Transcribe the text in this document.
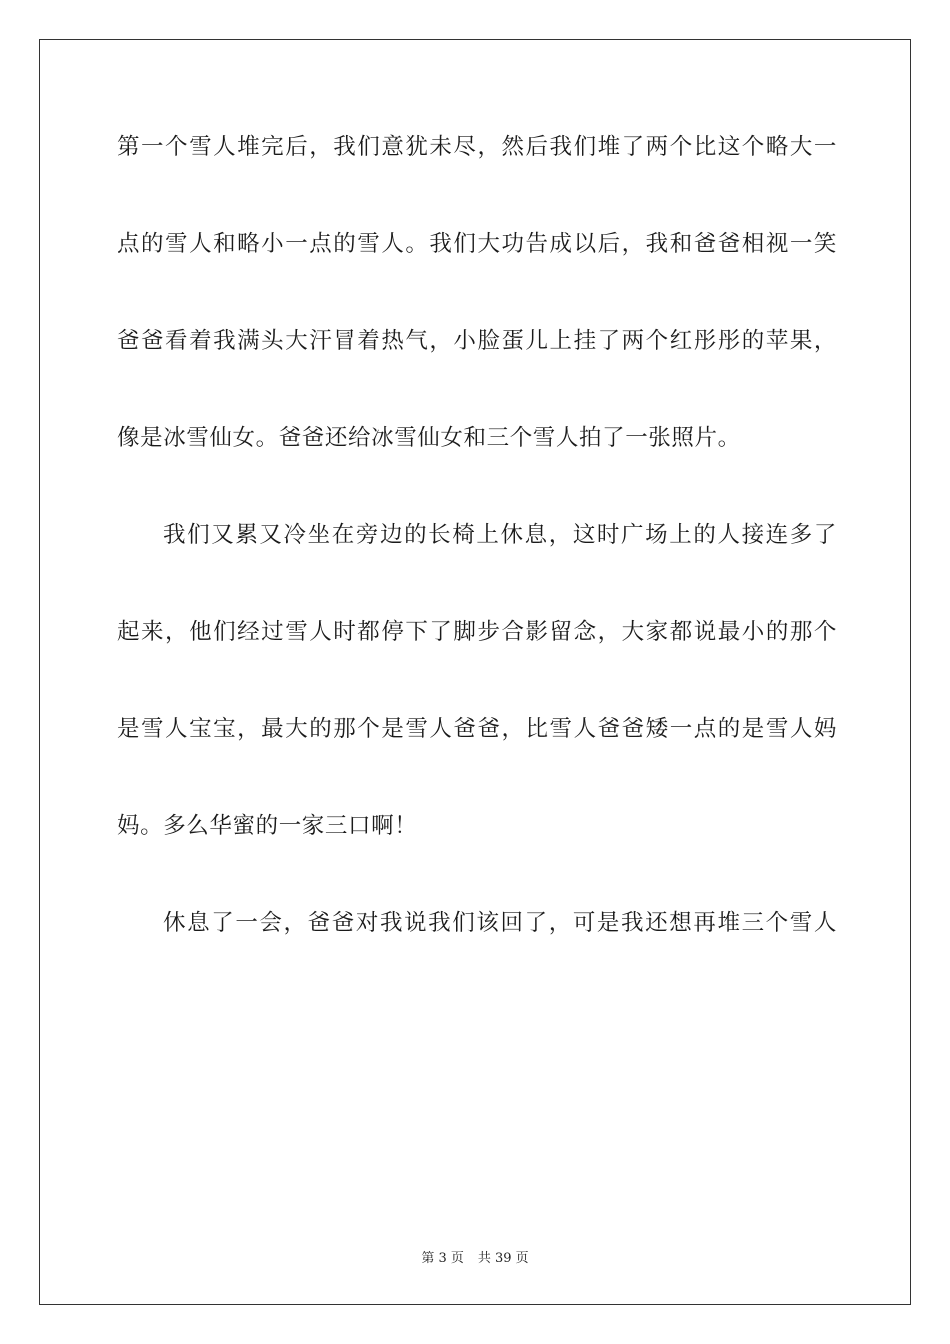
第一个雪人堆完后，我们意犹未尽，然后我们堆了两个比这个略大一
点的雪人和略小一点的雪人。我们大功告成以后，我和爸爸相视一笑
爸爸看着我满头大汗冒着热气，小脸蛋儿上挂了两个红彤彤的苹果，
像是冰雪仙女。爸爸还给冰雪仙女和三个雪人拍了一张照片。
我们又累又冷坐在旁边的长椅上休息，这时广场上的人接连多了
起来，他们经过雪人时都停下了脚步合影留念，大家都说最小的那个
是雪人宝宝，最大的那个是雪人爸爸，比雪人爸爸矮一点的是雪人妈
妈。多么华蜜的一家三口啊！
休息了一会，爸爸对我说我们该回了，可是我还想再堆三个雪人
第 3 页 共 39 页
